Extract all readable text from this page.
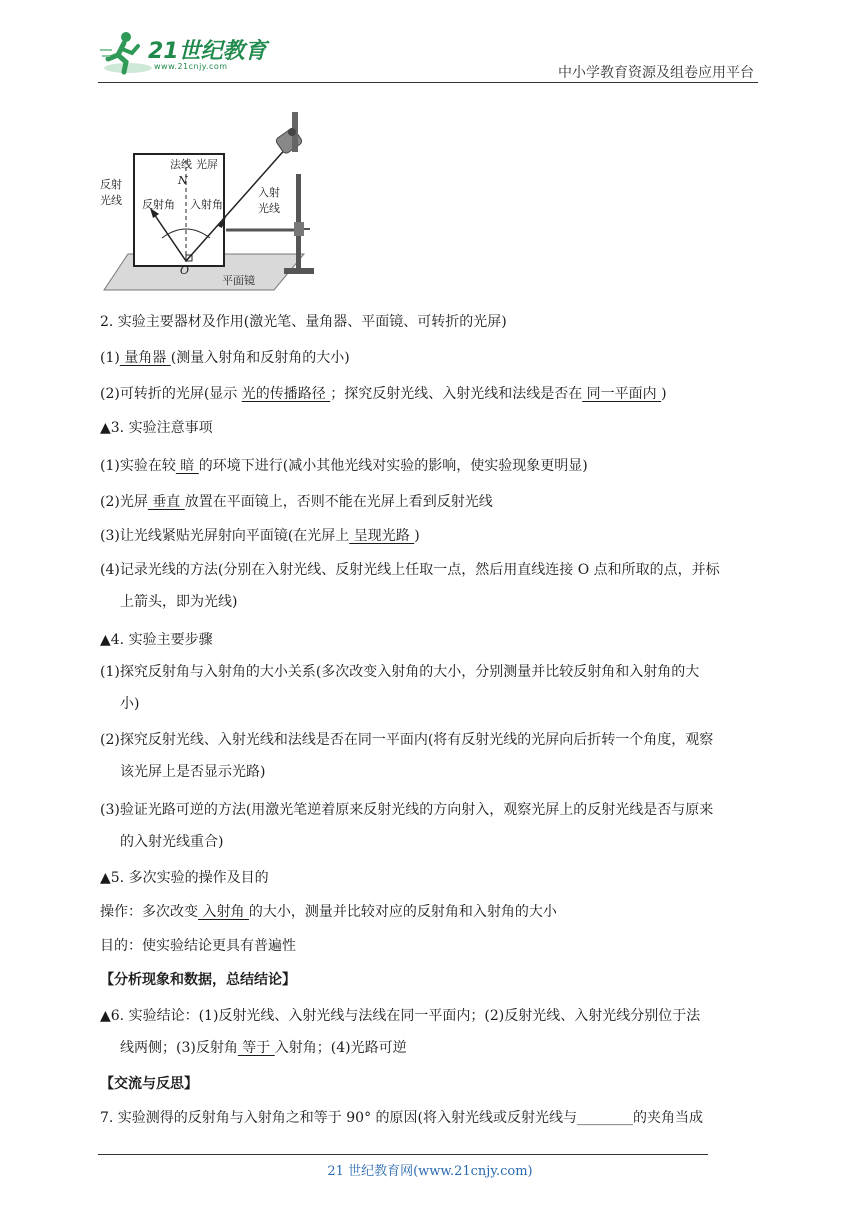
21世纪教育
www.21cnjy.com	中小学教育资源及组卷应用平台
法线 光屏
N
反射
光线 反射角 入射角
入射
光线
O
平面镜
2. 实验主要器材及作用(激光笔、量角器、平面镜、可转折的光屏)
(1) 量角器 (测量入射角和反射角的大小)
(2)可转折的光屏(显示 光的传播路径 ；探究反射光线、入射光线和法线是否在 同一平面内 )
▲3. 实验注意事项
(1)实验在较 暗 的环境下进行(减小其他光线对实验的影响，使实验现象更明显)
(2)光屏 垂直 放置在平面镜上，否则不能在光屏上看到反射光线
(3)让光线紧贴光屏射向平面镜(在光屏上 呈现光路 )
(4)记录光线的方法(分别在入射光线、反射光线上任取一点，然后用直线连接 O 点和所取的点，并标
上箭头，即为光线)
▲4. 实验主要步骤
(1)探究反射角与入射角的大小关系(多次改变入射角的大小，分别测量并比较反射角和入射角的大
小)
(2)探究反射光线、入射光线和法线是否在同一平面内(将有反射光线的光屏向后折转一个角度，观察
该光屏上是否显示光路)
(3)验证光路可逆的方法(用激光笔逆着原来反射光线的方向射入，观察光屏上的反射光线是否与原来
的入射光线重合)
▲5. 多次实验的操作及目的
操作：多次改变 入射角 的大小，测量并比较对应的反射角和入射角的大小
目的：使实验结论更具有普遍性
【分析现象和数据，总结结论】
▲6. 实验结论：(1)反射光线、入射光线与法线在同一平面内；(2)反射光线、入射光线分别位于法
线两侧；(3)反射角 等于 入射角；(4)光路可逆
【交流与反思】
7. 实验测得的反射角与入射角之和等于 90° 的原因(将入射光线或反射光线与________的夹角当成
21 世纪教育网(www.21cnjy.com)
